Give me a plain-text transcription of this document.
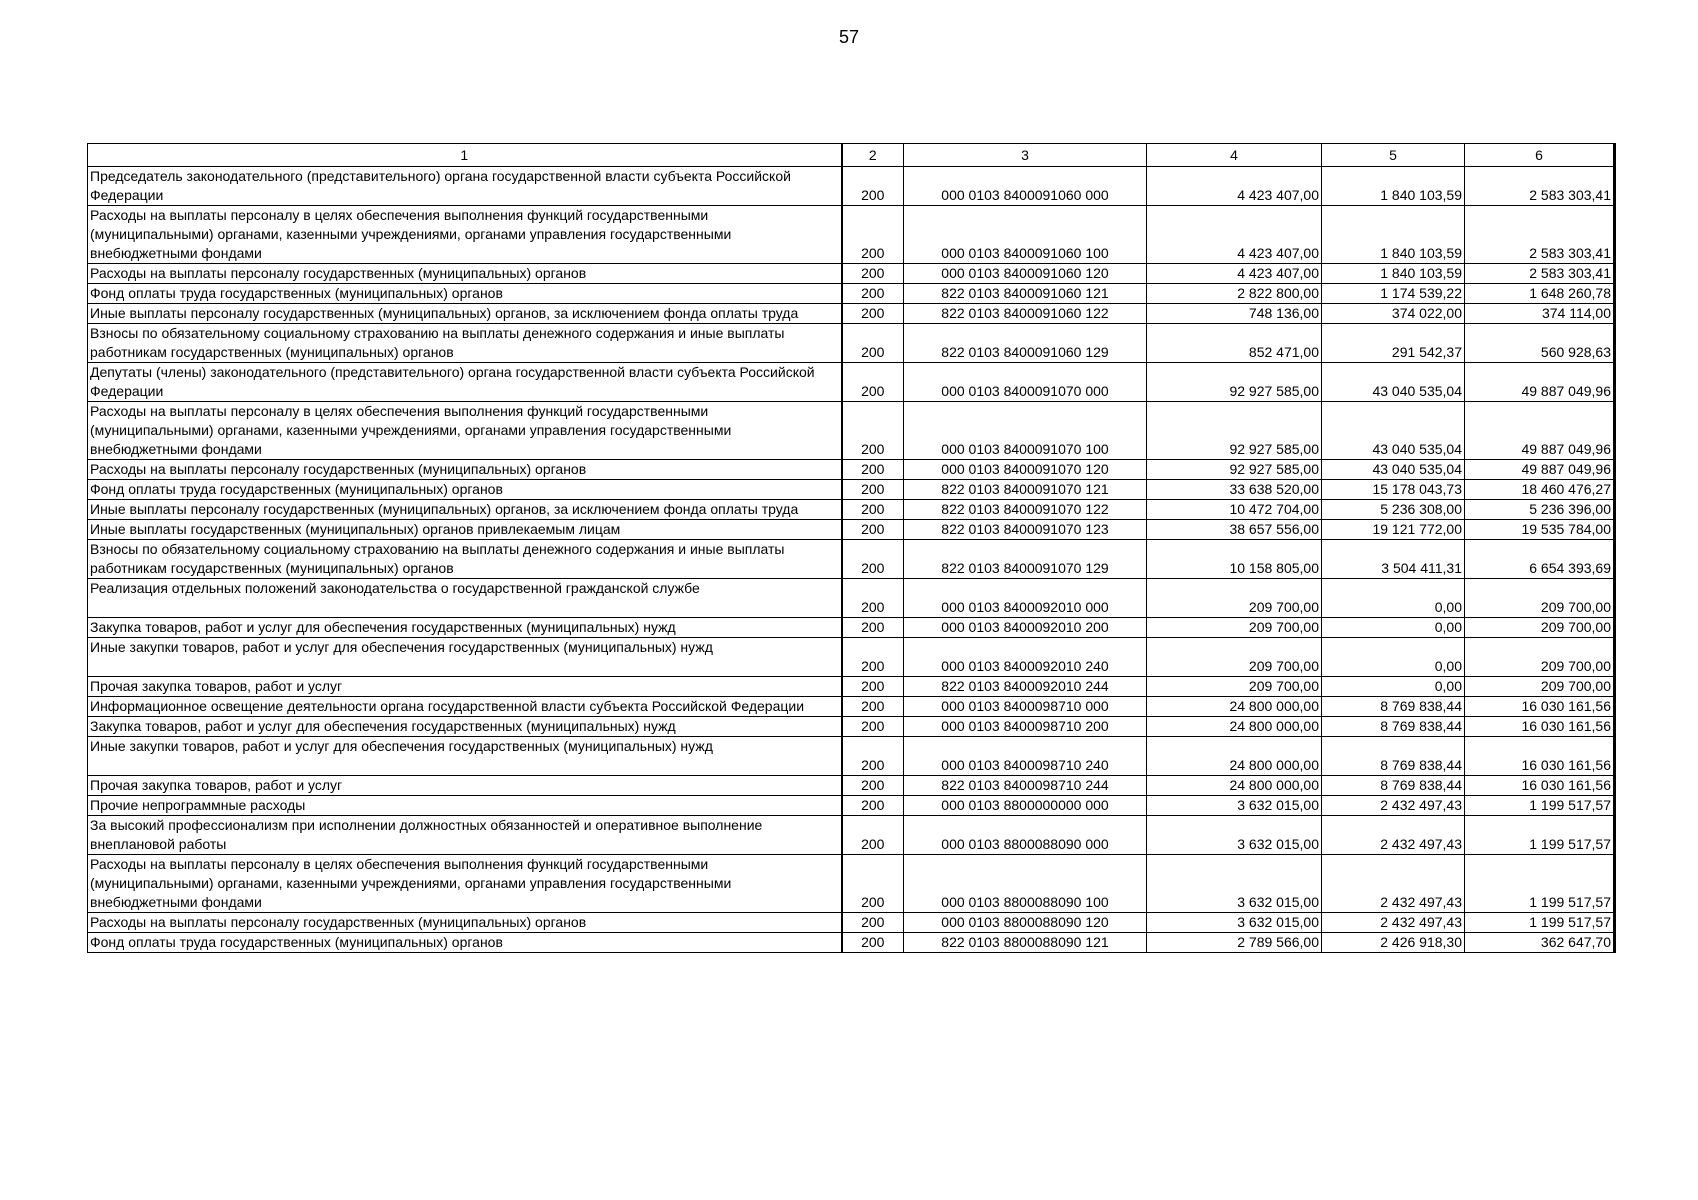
57
1	2	3	4	5	6
Председатель законодательного (представительного) органа государственной власти субъекта Российской Федерации	200	000 0103 8400091060 000	4 423 407,00	1 840 103,59	2 583 303,41
Расходы на выплаты персоналу в целях обеспечения выполнения функций государственными (муниципальными) органами, казенными учреждениями, органами управления государственными внебюджетными фондами	200	000 0103 8400091060 100	4 423 407,00	1 840 103,59	2 583 303,41
Расходы на выплаты персоналу государственных (муниципальных) органов	200	000 0103 8400091060 120	4 423 407,00	1 840 103,59	2 583 303,41
Фонд оплаты труда государственных (муниципальных) органов	200	822 0103 8400091060 121	2 822 800,00	1 174 539,22	1 648 260,78
Иные выплаты персоналу государственных (муниципальных) органов, за исключением фонда оплаты труда	200	822 0103 8400091060 122	748 136,00	374 022,00	374 114,00
Взносы по обязательному социальному страхованию на выплаты денежного содержания и иные выплаты работникам государственных (муниципальных) органов	200	822 0103 8400091060 129	852 471,00	291 542,37	560 928,63
Депутаты (члены) законодательного (представительного) органа государственной власти субъекта Российской Федерации	200	000 0103 8400091070 000	92 927 585,00	43 040 535,04	49 887 049,96
Расходы на выплаты персоналу в целях обеспечения выполнения функций государственными (муниципальными) органами, казенными учреждениями, органами управления государственными внебюджетными фондами	200	000 0103 8400091070 100	92 927 585,00	43 040 535,04	49 887 049,96
Расходы на выплаты персоналу государственных (муниципальных) органов	200	000 0103 8400091070 120	92 927 585,00	43 040 535,04	49 887 049,96
Фонд оплаты труда государственных (муниципальных) органов	200	822 0103 8400091070 121	33 638 520,00	15 178 043,73	18 460 476,27
Иные выплаты персоналу государственных (муниципальных) органов, за исключением фонда оплаты труда	200	822 0103 8400091070 122	10 472 704,00	5 236 308,00	5 236 396,00
Иные выплаты государственных (муниципальных) органов привлекаемым лицам	200	822 0103 8400091070 123	38 657 556,00	19 121 772,00	19 535 784,00
Взносы по обязательному социальному страхованию на выплаты денежного содержания и иные выплаты работникам государственных (муниципальных) органов	200	822 0103 8400091070 129	10 158 805,00	3 504 411,31	6 654 393,69
Реализация отдельных положений законодательства о государственной гражданской службе	200	000 0103 8400092010 000	209 700,00	0,00	209 700,00
Закупка товаров, работ и услуг для обеспечения государственных (муниципальных) нужд	200	000 0103 8400092010 200	209 700,00	0,00	209 700,00
Иные закупки товаров, работ и услуг для обеспечения государственных (муниципальных) нужд	200	000 0103 8400092010 240	209 700,00	0,00	209 700,00
Прочая закупка товаров, работ и услуг	200	822 0103 8400092010 244	209 700,00	0,00	209 700,00
Информационное освещение деятельности органа государственной власти субъекта Российской Федерации	200	000 0103 8400098710 000	24 800 000,00	8 769 838,44	16 030 161,56
Закупка товаров, работ и услуг для обеспечения государственных (муниципальных) нужд	200	000 0103 8400098710 200	24 800 000,00	8 769 838,44	16 030 161,56
Иные закупки товаров, работ и услуг для обеспечения государственных (муниципальных) нужд	200	000 0103 8400098710 240	24 800 000,00	8 769 838,44	16 030 161,56
Прочая закупка товаров, работ и услуг	200	822 0103 8400098710 244	24 800 000,00	8 769 838,44	16 030 161,56
Прочие непрограммные расходы	200	000 0103 8800000000 000	3 632 015,00	2 432 497,43	1 199 517,57
За высокий профессионализм при исполнении должностных обязанностей и оперативное выполнение внеплановой работы	200	000 0103 8800088090 000	3 632 015,00	2 432 497,43	1 199 517,57
Расходы на выплаты персоналу в целях обеспечения выполнения функций государственными (муниципальными) органами, казенными учреждениями, органами управления государственными внебюджетными фондами	200	000 0103 8800088090 100	3 632 015,00	2 432 497,43	1 199 517,57
Расходы на выплаты персоналу государственных (муниципальных) органов	200	000 0103 8800088090 120	3 632 015,00	2 432 497,43	1 199 517,57
Фонд оплаты труда государственных (муниципальных) органов	200	822 0103 8800088090 121	2 789 566,00	2 426 918,30	362 647,70
